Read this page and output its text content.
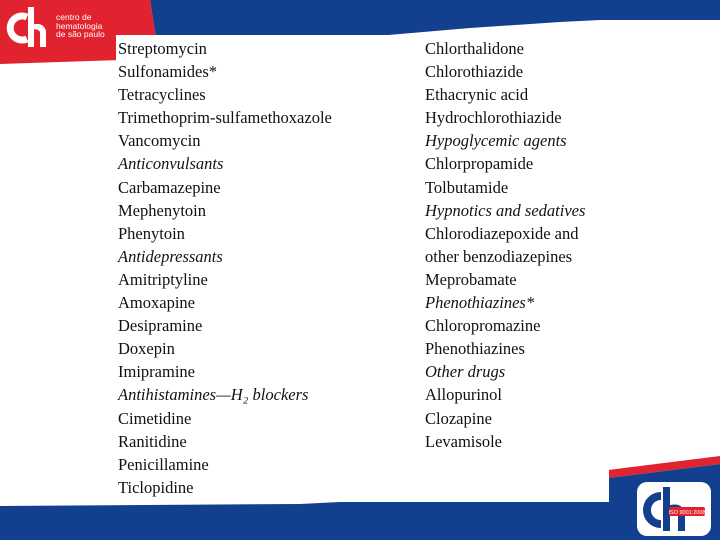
centro de
hematologia
de são paulo
Streptomycin
Sulfonamides*
Tetracyclines
Trimethoprim-sulfamethoxazole
Vancomycin
Anticonvulsants
Carbamazepine
Mephenytoin
Phenytoin
Antidepressants
Amitriptyline
Amoxapine
Desipramine
Doxepin
Imipramine
Antihistamines—H₂ blockers
Cimetidine
Ranitidine
Penicillamine
Ticlopidine
Chlorthalidone
Chlorothiazide
Ethacrynic acid
Hydrochlorothiazide
Hypoglycemic agents
Chlorpropamide
Tolbutamide
Hypnotics and sedatives
Chlorodiazepoxide and
other benzodiazepines
Meprobamate
Phenothiazines*
Chloropromazine
Phenothiazines
Other drugs
Allopurinol
Clozapine
Levamisole
ISO 9001:2008
